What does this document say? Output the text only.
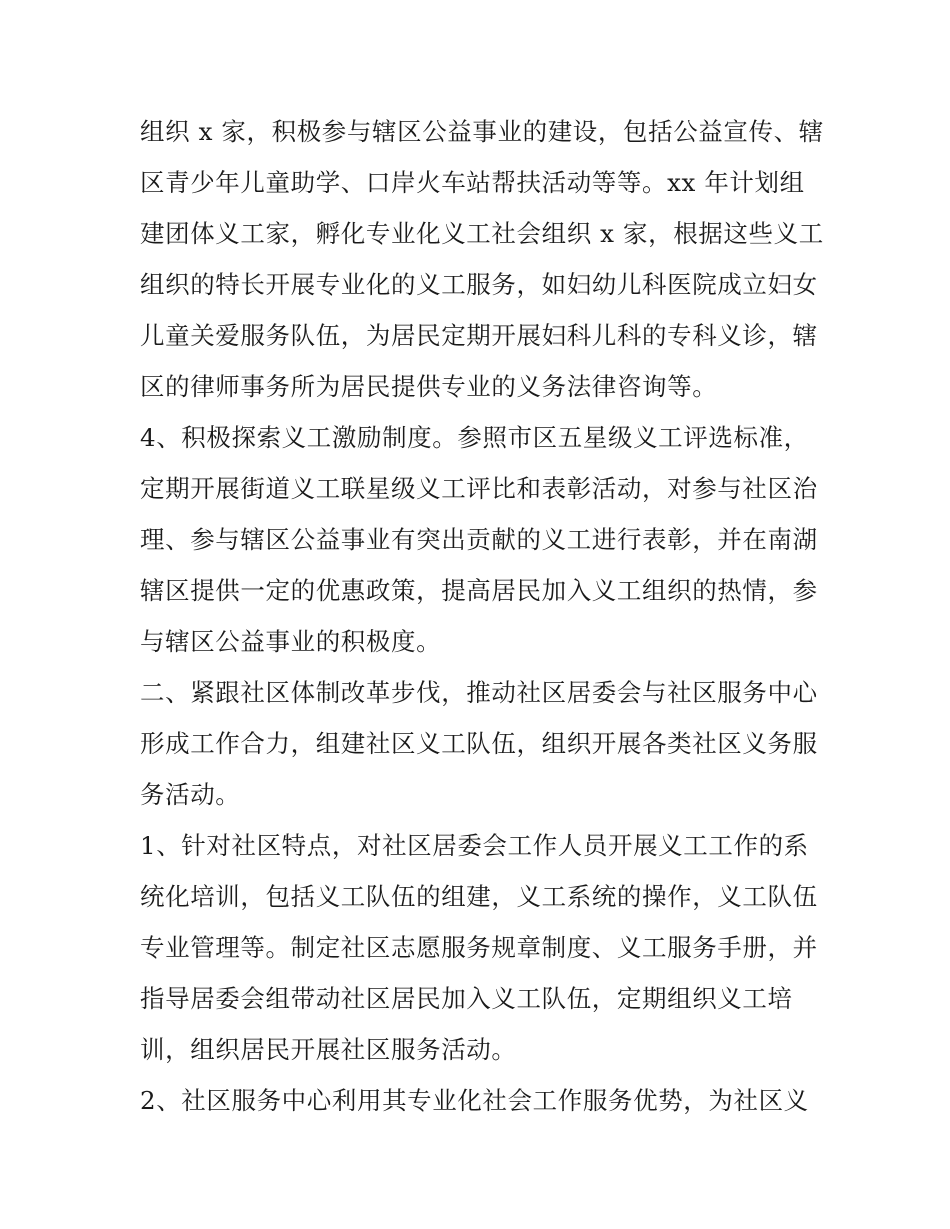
组织 x 家，积极参与辖区公益事业的建设，包括公益宣传、辖
区青少年儿童助学、口岸火车站帮扶活动等等。xx 年计划组
建团体义工家，孵化专业化义工社会组织 x 家，根据这些义工
组织的特长开展专业化的义工服务，如妇幼儿科医院成立妇女
儿童关爱服务队伍，为居民定期开展妇科儿科的专科义诊，辖
区的律师事务所为居民提供专业的义务法律咨询等。
4、积极探索义工激励制度。参照市区五星级义工评选标准，
定期开展街道义工联星级义工评比和表彰活动，对参与社区治
理、参与辖区公益事业有突出贡献的义工进行表彰，并在南湖
辖区提供一定的优惠政策，提高居民加入义工组织的热情，参
与辖区公益事业的积极度。
二、紧跟社区体制改革步伐，推动社区居委会与社区服务中心
形成工作合力，组建社区义工队伍，组织开展各类社区义务服
务活动。
1、针对社区特点，对社区居委会工作人员开展义工工作的系
统化培训，包括义工队伍的组建，义工系统的操作，义工队伍
专业管理等。制定社区志愿服务规章制度、义工服务手册，并
指导居委会组带动社区居民加入义工队伍，定期组织义工培
训，组织居民开展社区服务活动。
2、社区服务中心利用其专业化社会工作服务优势，为社区义
